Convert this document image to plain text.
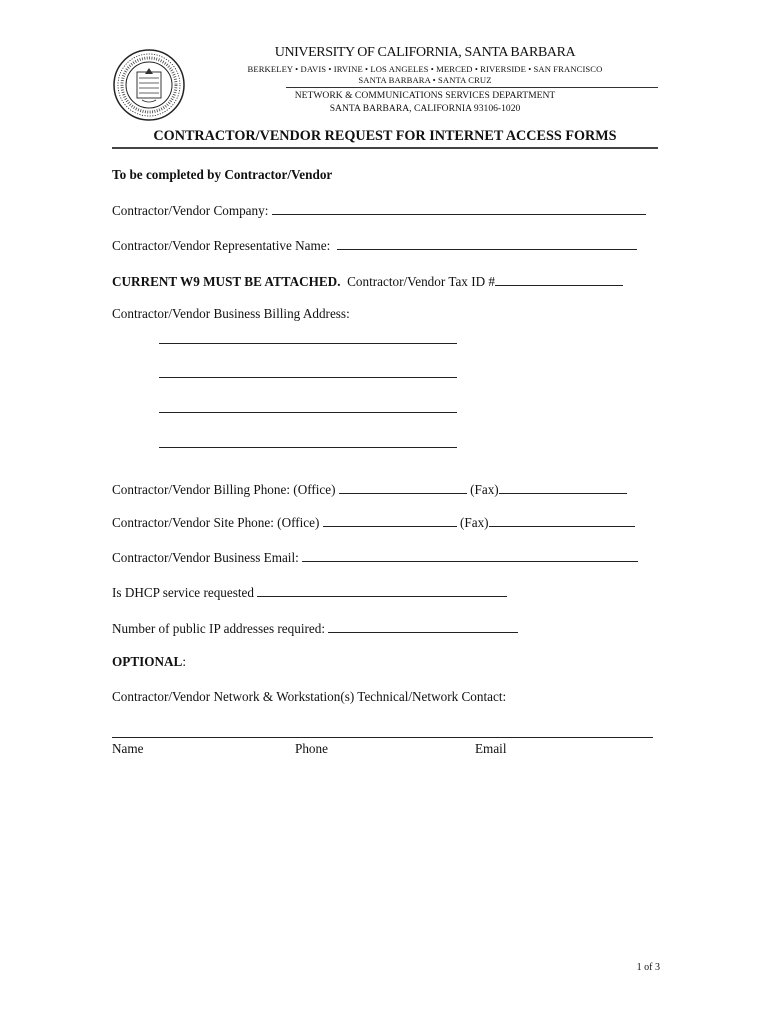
UNIVERSITY OF CALIFORNIA, SANTA BARBARA
BERKELEY • DAVIS • IRVINE • LOS ANGELES • MERCED • RIVERSIDE • SAN FRANCISCO
SANTA BARBARA • SANTA CRUZ
NETWORK & COMMUNICATIONS SERVICES DEPARTMENT
SANTA BARBARA, CALIFORNIA 93106-1020
CONTRACTOR/VENDOR REQUEST FOR INTERNET ACCESS FORMS
To be completed by Contractor/Vendor
Contractor/Vendor Company:
Contractor/Vendor Representative Name:
CURRENT W9 MUST BE ATTACHED. Contractor/Vendor Tax ID #
Contractor/Vendor Business Billing Address:
Contractor/Vendor Billing Phone: (Office)	(Fax)
Contractor/Vendor Site Phone: (Office)	(Fax)
Contractor/Vendor Business Email:
Is DHCP service requested
Number of public IP addresses required:
OPTIONAL:
Contractor/Vendor Network & Workstation(s) Technical/Network Contact:
Name	Phone	Email
1 of 3
